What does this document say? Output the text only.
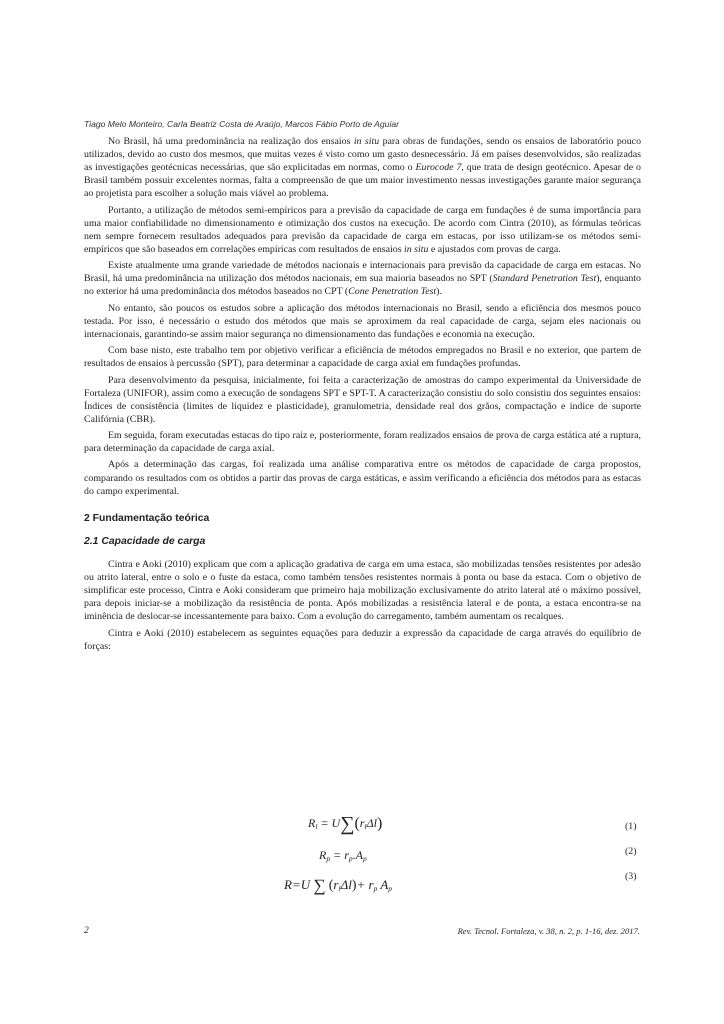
Tiago Melo Monteiro, Carla Beatriz Costa de Araújo, Marcos Fábio Porto de Aguiar

No Brasil, há uma predominância na realização dos ensaios in situ para obras de fundações, sendo os ensaios de laboratório pouco utilizados, devido ao custo dos mesmos, que muitas vezes é visto como um gasto desnecessário. Já em países desenvolvidos, são realizadas as investigações geotécnicas necessárias, que são explicitadas em normas, como o Eurocode 7, que trata de design geotécnico. Apesar de o Brasil também possuir excelentes normas, falta a compreensão de que um maior investimento nessas investigações garante maior segurança ao projetista para escolher a solução mais viável ao problema.

Portanto, a utilização de métodos semi-empíricos para a previsão da capacidade de carga em fundações é de suma importância para uma maior confiabilidade no dimensionamento e otimização dos custos na execução. De acordo com Cintra (2010), as fórmulas teóricas nem sempre fornecem resultados adequados para previsão da capacidade de carga em estacas, por isso utilizam-se os métodos semi-empíricos que são baseados em correlações empíricas com resultados de ensaios in situ e ajustados com provas de carga.

Existe atualmente uma grande variedade de métodos nacionais e internacionais para previsão da capacidade de carga em estacas. No Brasil, há uma predominância na utilização dos métodos nacionais, em sua maioria baseados no SPT (Standard Penetration Test), enquanto no exterior há uma predominância dos métodos baseados no CPT (Cone Penetration Test).

No entanto, são poucos os estudos sobre a aplicação dos métodos internacionais no Brasil, sendo a eficiência dos mesmos pouco testada. Por isso, é necessário o estudo dos métodos que mais se aproximem da real capacidade de carga, sejam eles nacionais ou internacionais, garantindo-se assim maior segurança no dimensionamento das fundações e economia na execução.

Com base nisto, este trabalho tem por objetivo verificar a eficiência de métodos empregados no Brasil e no exterior, que partem de resultados de ensaios à percussão (SPT), para determinar a capacidade de carga axial em fundações profundas.

Para desenvolvimento da pesquisa, inicialmente, foi feita a caracterização de amostras do campo experimental da Universidade de Fortaleza (UNIFOR), assim como a execução de sondagens SPT e SPT-T. A caracterização consistiu do solo consistiu dos seguintes ensaios: Índices de consistência (limites de liquidez e plasticidade), granulometria, densidade real dos grãos, compactação e índice de suporte Califórnia (CBR).

Em seguida, foram executadas estacas do tipo raiz e, posteriormente, foram realizados ensaios de prova de carga estática até a ruptura, para determinação da capacidade de carga axial.

Após a determinação das cargas, foi realizada uma análise comparativa entre os métodos de capacidade de carga propostos, comparando os resultados com os obtidos a partir das provas de carga estáticas, e assim verificando a eficiência dos métodos para as estacas do campo experimental.

2 Fundamentação teórica
2.1 Capacidade de carga

Cintra e Aoki (2010) explicam que com a aplicação gradativa de carga em uma estaca, são mobilizadas tensões resistentes por adesão ou atrito lateral, entre o solo e o fuste da estaca, como também tensões resistentes normais à ponta ou base da estaca. Com o objetivo de simplificar este processo, Cintra e Aoki consideram que primeiro haja mobilização exclusivamente do atrito lateral até o máximo possível, para depois iniciar-se a mobilização da resistência de ponta. Após mobilizadas a resistência lateral e de ponta, a estaca encontra-se na iminência de deslocar-se incessantemente para baixo. Com a evolução do carregamento, também aumentam os recalques.

Cintra e Aoki (2010) estabelecem as seguintes equações para deduzir a expressão da capacidade de carga através do equilíbrio de forças:

$R_l = U\sum(r_l\Delta l)$	(1)
$R_p = r_p.A_p$
(2)
R=U ∑ $(r_l\Delta l)+ r_p$ $A_p$
(3)
2	Rev. Tecnol. Fortaleza, v. 38, n. 2, p. 1-16, dez. 2017.
